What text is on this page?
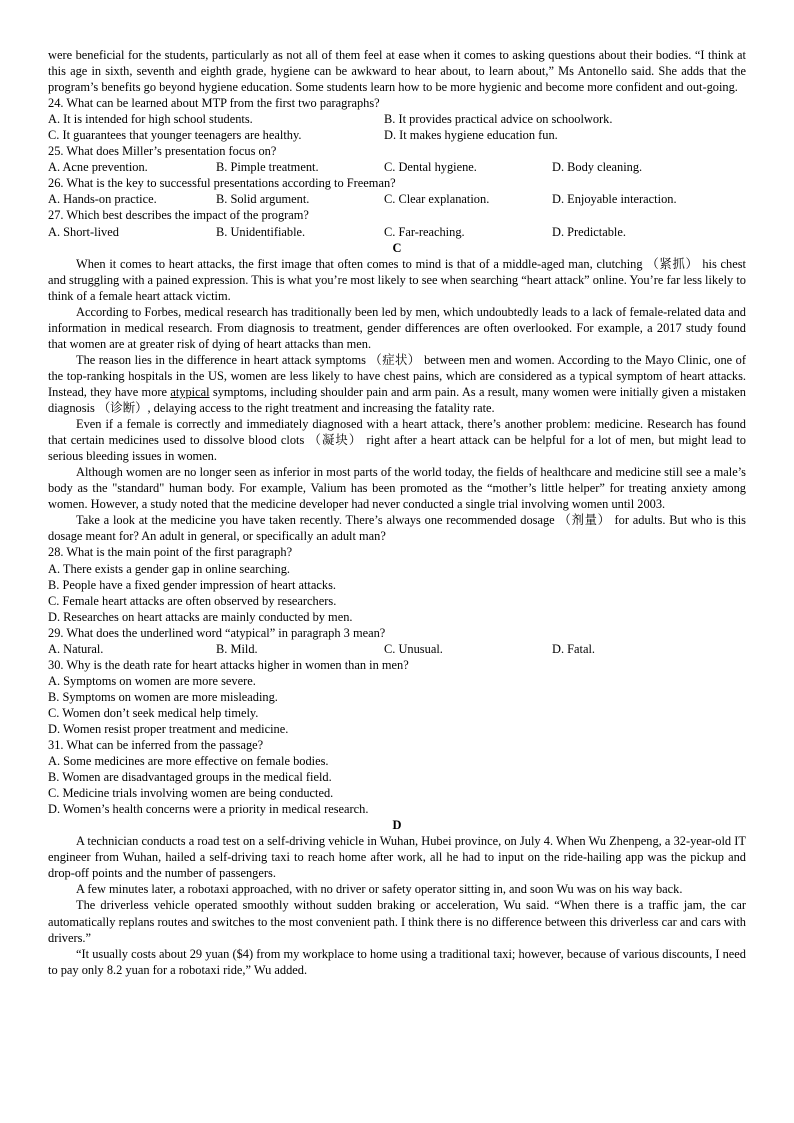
were beneficial for the students, particularly as not all of them feel at ease when it comes to asking questions about their bodies. “I think at this age in sixth, seventh and eighth grade, hygiene can be awkward to hear about, to learn about,” Ms Antonello said. She adds that the program’s benefits go beyond hygiene education. Some students learn how to be more hygienic and become more confident and out-going.

24. What can be learned about MTP from the first two paragraphs?

A. It is intended for high school students.	B. It provides practical advice on schoolwork.
C. It guarantees that younger teenagers are healthy.	D. It makes hygiene education fun.

25. What does Miller’s presentation focus on?

A. Acne prevention.	B. Pimple treatment.	C. Dental hygiene.	D. Body cleaning.

26. What is the key to successful presentations according to Freeman?

A. Hands-on practice.	B. Solid argument.	C. Clear explanation.	D. Enjoyable interaction.

27. Which best describes the impact of the program?

A. Short-lived	B. Unidentifiable.	C. Far-reaching.	D. Predictable.

C

When it comes to heart attacks, the first image that often comes to mind is that of a middle-aged man, clutching （紧抓） his chest and struggling with a pained expression. This is what you’re most likely to see when searching “heart attack” online. You’re far less likely to think of a female heart attack victim.

According to Forbes, medical research has traditionally been led by men, which undoubtedly leads to a lack of female-related data and information in medical research. From diagnosis to treatment, gender differences are often overlooked. For example, a 2017 study found that women are at greater risk of dying of heart attacks than men.

The reason lies in the difference in heart attack symptoms （症状） between men and women. According to the Mayo Clinic, one of the top-ranking hospitals in the US, women are less likely to have chest pains, which are considered as a typical symptom of heart attacks. Instead, they have more atypical symptoms, including shoulder pain and arm pain. As a result, many women were initially given a mistaken diagnosis （诊断）, delaying access to the right treatment and increasing the fatality rate.

Even if a female is correctly and immediately diagnosed with a heart attack, there’s another problem: medicine. Research has found that certain medicines used to dissolve blood clots （凝块） right after a heart attack can be helpful for a lot of men, but might lead to serious bleeding issues in women.

Although women are no longer seen as inferior in most parts of the world today, the fields of healthcare and medicine still see a male’s body as the "standard" human body. For example, Valium has been promoted as the “mother’s little helper” for treating anxiety among women. However, a study noted that the medicine developer had never conducted a single trial involving women until 2003.

Take a look at the medicine you have taken recently. There’s always one recommended dosage （剂量） for adults. But who is this dosage meant for? An adult in general, or specifically an adult man?

28. What is the main point of the first paragraph?

A. There exists a gender gap in online searching.

B. People have a fixed gender impression of heart attacks.

C. Female heart attacks are often observed by researchers.

D. Researches on heart attacks are mainly conducted by men.

29. What does the underlined word “atypical” in paragraph 3 mean?

A. Natural.	B. Mild.	C. Unusual.	D. Fatal.

30. Why is the death rate for heart attacks higher in women than in men?

A. Symptoms on women are more severe.

B. Symptoms on women are more misleading.

C. Women don’t seek medical help timely.

D. Women resist proper treatment and medicine.

31. What can be inferred from the passage?

A. Some medicines are more effective on female bodies.

B. Women are disadvantaged groups in the medical field.

C. Medicine trials involving women are being conducted.

D. Women’s health concerns were a priority in medical research.

D

A technician conducts a road test on a self-driving vehicle in Wuhan, Hubei province, on July 4. When Wu Zhenpeng, a 32-year-old IT engineer from Wuhan, hailed a self-driving taxi to reach home after work, all he had to input on the ride-hailing app was the pickup and drop-off points and the number of passengers.

A few minutes later, a robotaxi approached, with no driver or safety operator sitting in, and soon Wu was on his way back.

The driverless vehicle operated smoothly without sudden braking or acceleration, Wu said. “When there is a traffic jam, the car automatically replans routes and switches to the most convenient path. I think there is no difference between this driverless car and cars with drivers.”

“It usually costs about 29 yuan ($4) from my workplace to home using a traditional taxi; however, because of various discounts, I need to pay only 8.2 yuan for a robotaxi ride,” Wu added.
